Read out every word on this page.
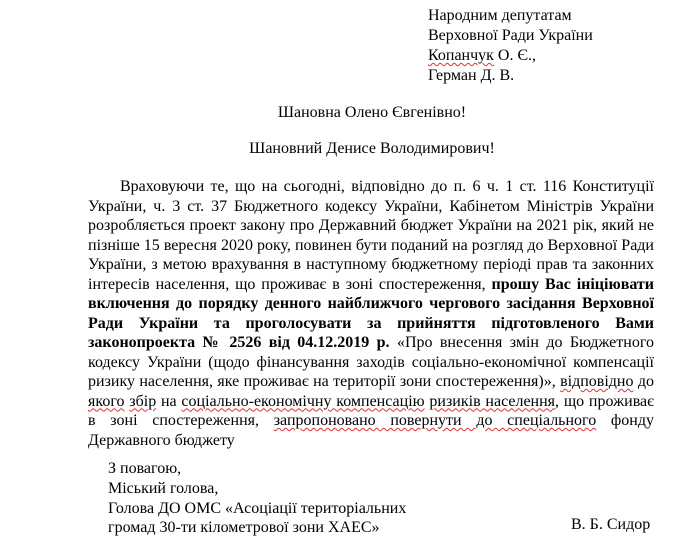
Народним депутатам
Верховної Ради України
Копанчук О. Є.,
Герман Д. В.
Шановна Олено Євгенівно!
Шановний Денисе Володимирович!

Враховуючи те, що на сьогодні, відповідно до п. 6 ч. 1 ст. 116 Конституції України, ч. 3 ст. 37 Бюджетного кодексу України, Кабінетом Міністрів України розробляється проект закону про Державний бюджет України на 2021 рік, який не пізніше 15 вересня 2020 року, повинен бути поданий на розгляд до Верховної Ради України, з метою врахування в наступному бюджетному періоді прав та законних інтересів населення, що проживає в зоні спостереження, прошу Вас ініціювати включення до порядку денного найближчого чергового засідання Верховної Ради України та проголосувати за прийняття підготовленого Вами законопроекта № 2526 від 04.12.2019 р. «Про внесення змін до Бюджетного кодексу України (щодо фінансування заходів соціально-економічної компенсації ризику населення, яке проживає на території зони спостереження)», відповідно до якого збір на соціально-економічну компенсацію ризиків населення, що проживає в зоні спостереження, запропоновано повернути до спеціального фонду Державного бюджету

З повагою,
Міський голова,
Голова ДО ОМС «Асоціації територіальних
громад 30-ти кілометрової зони ХАЕС»	В. Б. Сидор
